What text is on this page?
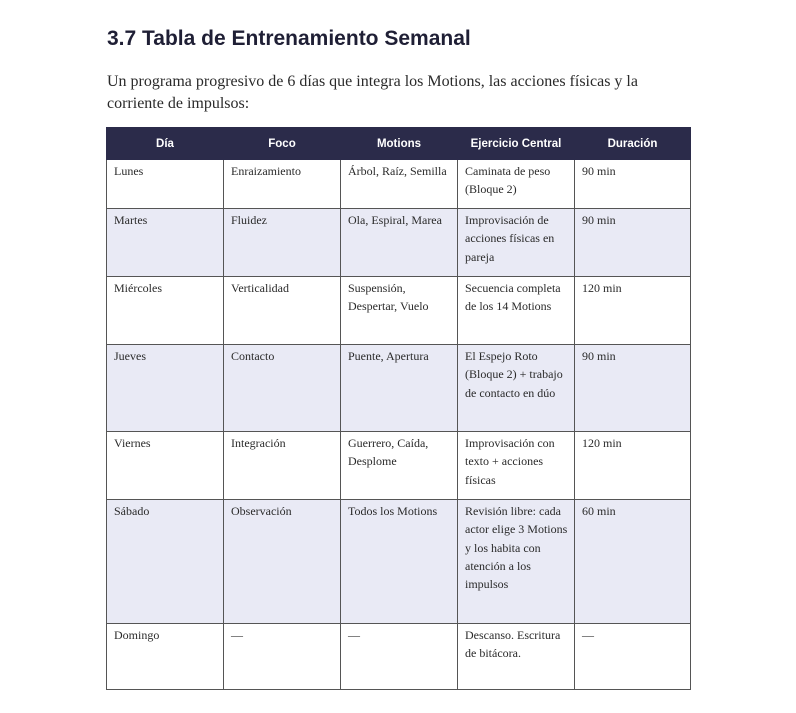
3.7 Tabla de Entrenamiento Semanal

Un programa progresivo de 6 días que integra los Motions, las acciones físicas y la corriente de impulsos:

Día	Foco	Motions	Ejercicio Central	Duración
Lunes	Enraizamiento	Árbol, Raíz, Semilla	Caminata de peso (Bloque 2)	90 min
Martes	Fluidez	Ola, Espiral, Marea	Improvisación de acciones físicas en pareja	90 min
Miércoles	Verticalidad	Suspensión, Despertar, Vuelo	Secuencia completa de los 14 Motions	120 min
Jueves	Contacto	Puente, Apertura	El Espejo Roto (Bloque 2) + trabajo de contacto en dúo	90 min
Viernes	Integración	Guerrero, Caída, Desplome	Improvisación con texto + acciones físicas	120 min
Sábado	Observación	Todos los Motions	Revisión libre: cada actor elige 3 Motions y los habita con atención a los impulsos	60 min
Domingo	—	—	Descanso. Escritura de bitácora.	—
